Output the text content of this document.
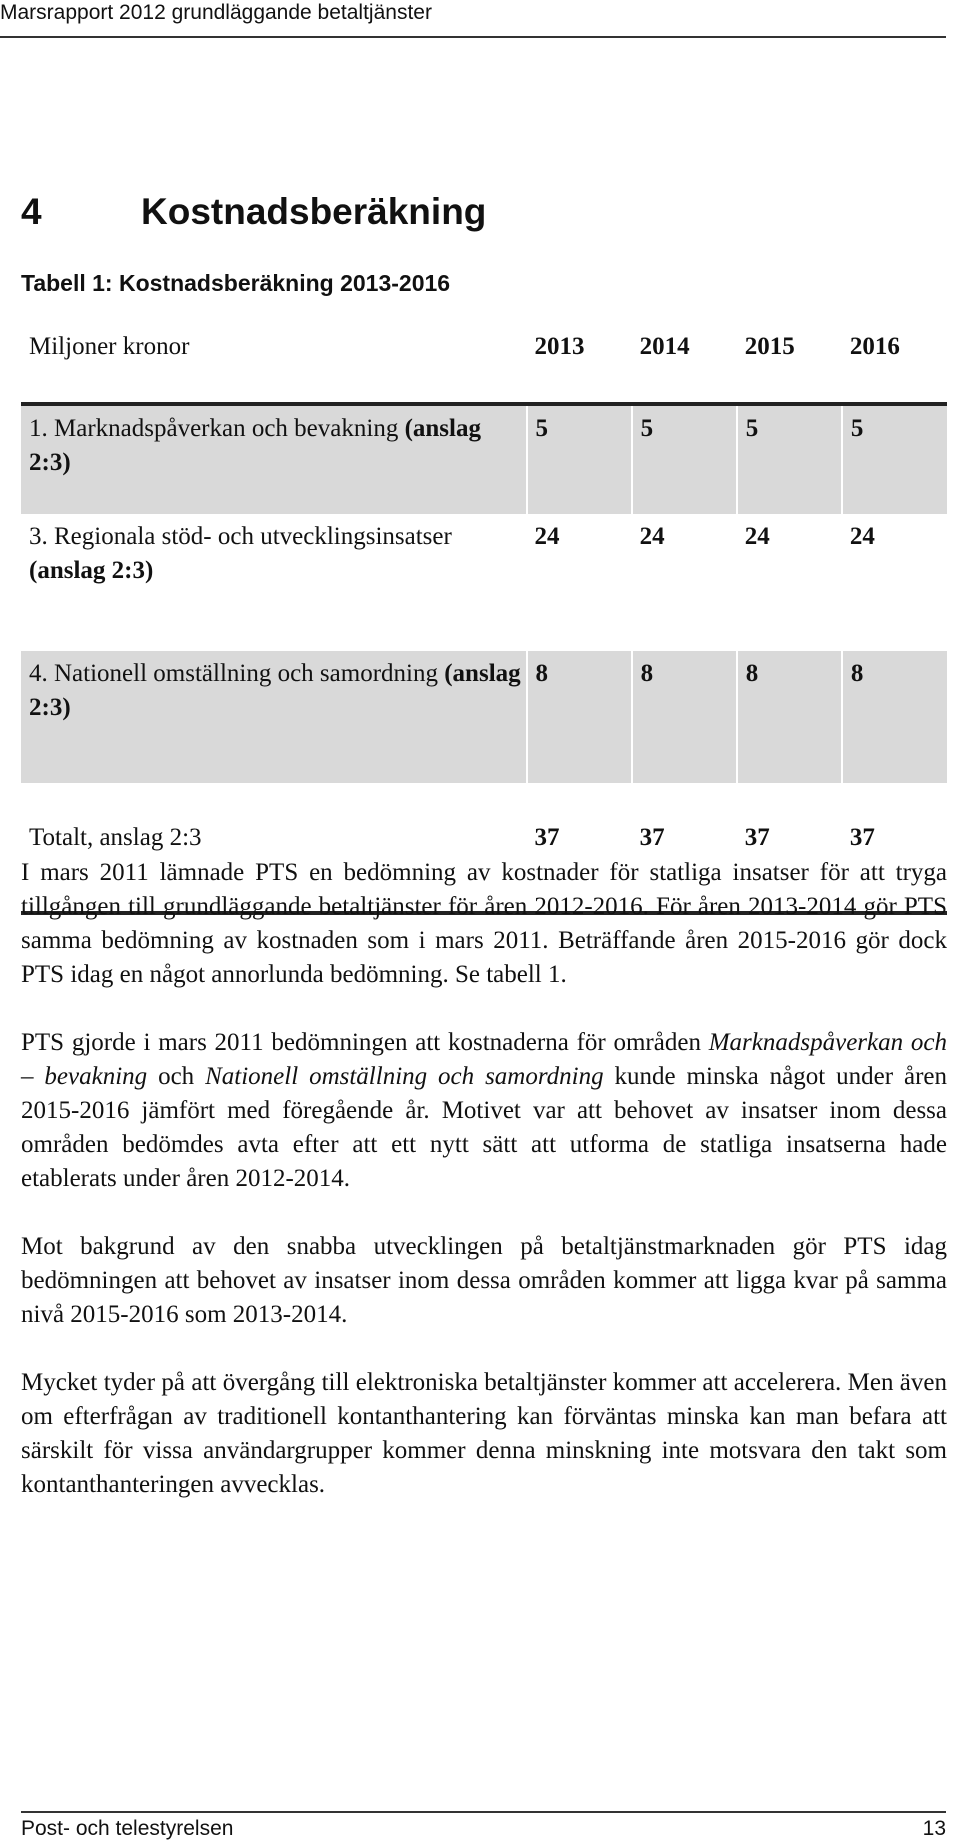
Marsrapport 2012 grundläggande betaltjänster
4	Kostnadsberäkning
Tabell 1: Kostnadsberäkning 2013-2016
Miljoner kronor	2013	2014	2015	2016
1. Marknadspåverkan och bevakning (anslag 2:3)	5	5	5	5
3. Regionala stöd- och utvecklingsinsatser (anslag 2:3)	24	24	24	24
4. Nationell omställning och samordning (anslag 2:3)	8	8	8	8
Totalt, anslag 2:3	37	37	37	37

I mars 2011 lämnade PTS en bedömning av kostnader för statliga insatser för att tryga tillgången till grundläggande betaltjänster för åren 2012-2016. För åren 2013-2014 gör PTS samma bedömning av kostnaden som i mars 2011. Beträffande åren 2015-2016 gör dock PTS idag en något annorlunda bedömning. Se tabell 1.

PTS gjorde i mars 2011 bedömningen att kostnaderna för områden Marknadspåverkan och – bevakning och Nationell omställning och samordning kunde minska något under åren 2015-2016 jämfört med föregående år. Motivet var att behovet av insatser inom dessa områden bedömdes avta efter att ett nytt sätt att utforma de statliga insatserna hade etablerats under åren 2012-2014.

Mot bakgrund av den snabba utvecklingen på betaltjänstmarknaden gör PTS idag bedömningen att behovet av insatser inom dessa områden kommer att ligga kvar på samma nivå 2015-2016 som 2013-2014.

Mycket tyder på att övergång till elektroniska betaltjänster kommer att accelerera. Men även om efterfrågan av traditionell kontanthantering kan förväntas minska kan man befara att särskilt för vissa användargrupper kommer denna minskning inte motsvara den takt som kontanthanteringen avvecklas.

Post- och telestyrelsen	13
